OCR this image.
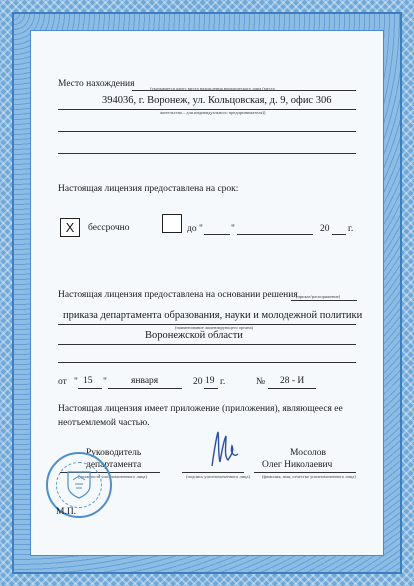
Место нахождения	(указывается адрес места нахождения юридического лица (место
394036, г. Воронеж, ул. Кольцовская, д. 9, офис 306
жительства – для индивидуального предпринимателя))
Настоящая лицензия предоставлена на срок:
X	бессрочно	до "	"	20 г.
Настоящая лицензия предоставлена на основании решения
(приказ/распоряжение)
приказа департамента образования, науки и молодежной политики
(наименование лицензирующего органа)
Воронежской области
от " 15 "	января	20 19 г.	№ 28 - И
Настоящая лицензия имеет приложение (приложения), являющееся ее
неотъемлемой частью.
Руководитель
департамента
(должность уполномоченного лица)	(подпись уполномоченного лица)
Мосолов
Олег Николаевич
(фамилия, имя, отчество уполномоченного лица)
М.П.
